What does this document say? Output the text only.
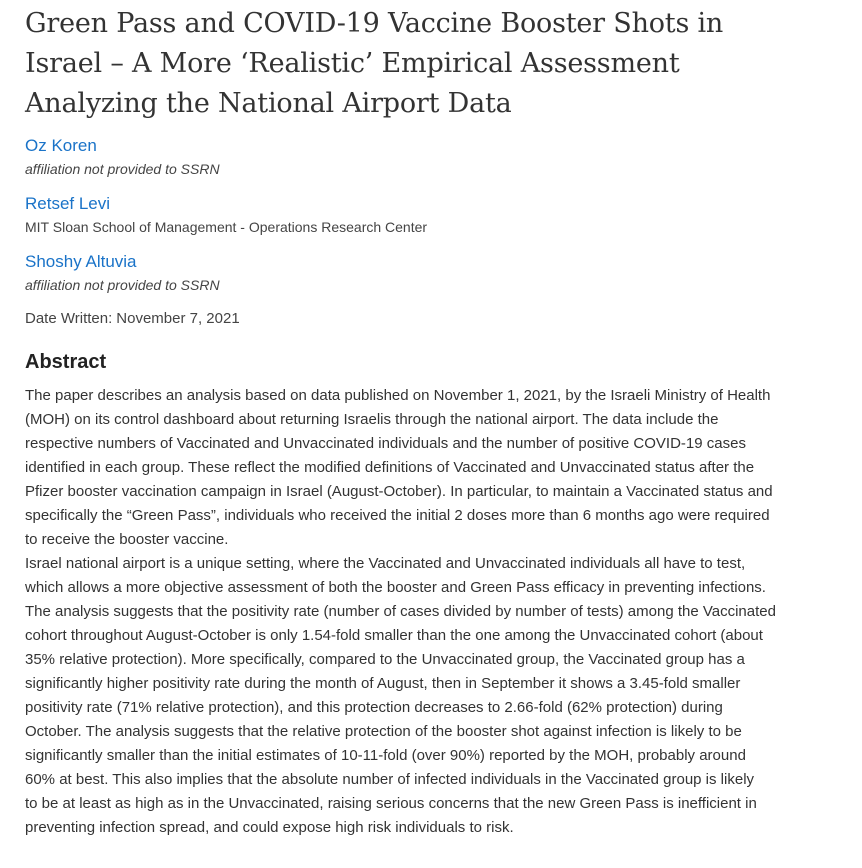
Green Pass and COVID-19 Vaccine Booster Shots in
Israel – A More ‘Realistic’ Empirical Assessment
Analyzing the National Airport Data
Oz Koren
affiliation not provided to SSRN
Retsef Levi
MIT Sloan School of Management - Operations Research Center
Shoshy Altuvia
affiliation not provided to SSRN
Date Written: November 7, 2021
Abstract

The paper describes an analysis based on data published on November 1, 2021, by the Israeli Ministry of Health

(MOH) on its control dashboard about returning Israelis through the national airport. The data include the

respective numbers of Vaccinated and Unvaccinated individuals and the number of positive COVID-19 cases

identified in each group. These reflect the modified definitions of Vaccinated and Unvaccinated status after the

Pfizer booster vaccination campaign in Israel (August-October). In particular, to maintain a Vaccinated status and

specifically the “Green Pass”, individuals who received the initial 2 doses more than 6 months ago were required

to receive the booster vaccine.

Israel national airport is a unique setting, where the Vaccinated and Unvaccinated individuals all have to test,

which allows a more objective assessment of both the booster and Green Pass efficacy in preventing infections.

The analysis suggests that the positivity rate (number of cases divided by number of tests) among the Vaccinated

cohort throughout August-October is only 1.54-fold smaller than the one among the Unvaccinated cohort (about

35% relative protection). More specifically, compared to the Unvaccinated group, the Vaccinated group has a

significantly higher positivity rate during the month of August, then in September it shows a 3.45-fold smaller

positivity rate (71% relative protection), and this protection decreases to 2.66-fold (62% protection) during

October. The analysis suggests that the relative protection of the booster shot against infection is likely to be

significantly smaller than the initial estimates of 10-11-fold (over 90%) reported by the MOH, probably around

60% at best. This also implies that the absolute number of infected individuals in the Vaccinated group is likely

to be at least as high as in the Unvaccinated, raising serious concerns that the new Green Pass is inefficient in

preventing infection spread, and could expose high risk individuals to risk.
